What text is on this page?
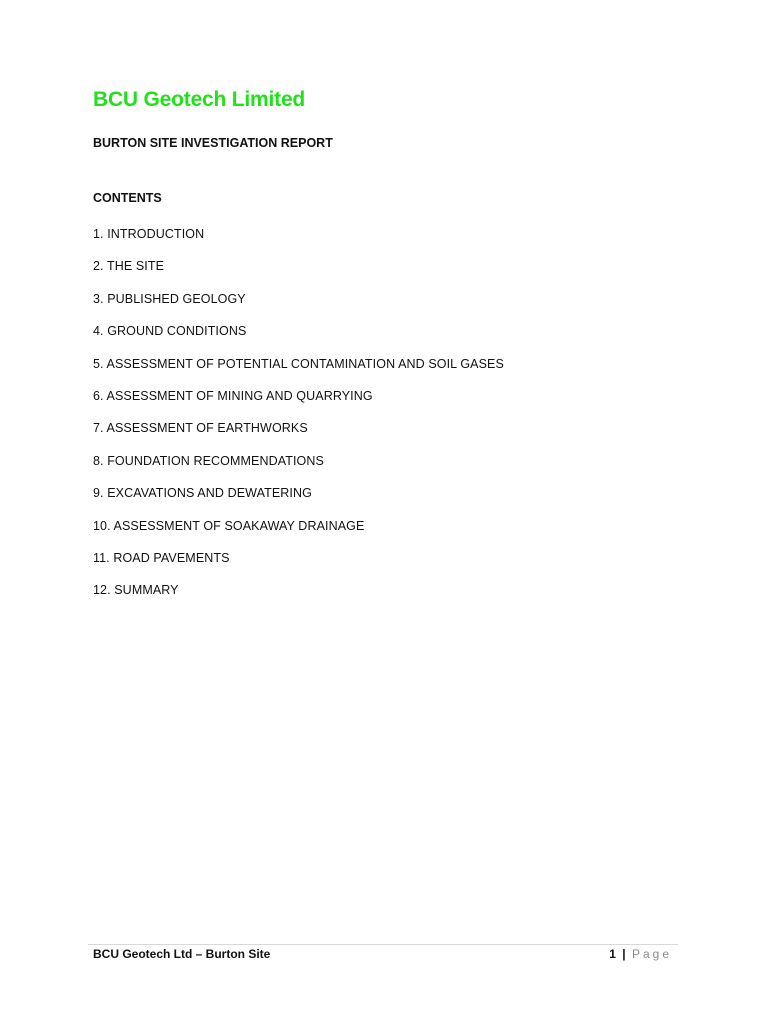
BCU Geotech Limited
BURTON SITE INVESTIGATION REPORT
CONTENTS
1. INTRODUCTION
2. THE SITE
3. PUBLISHED GEOLOGY
4. GROUND CONDITIONS
5. ASSESSMENT OF POTENTIAL CONTAMINATION AND SOIL GASES
6. ASSESSMENT OF MINING AND QUARRYING
7. ASSESSMENT OF EARTHWORKS
8. FOUNDATION RECOMMENDATIONS
9. EXCAVATIONS AND DEWATERING
10. ASSESSMENT OF SOAKAWAY DRAINAGE
11. ROAD PAVEMENTS
12. SUMMARY
BCU Geotech Ltd – Burton Site	1 | Page
